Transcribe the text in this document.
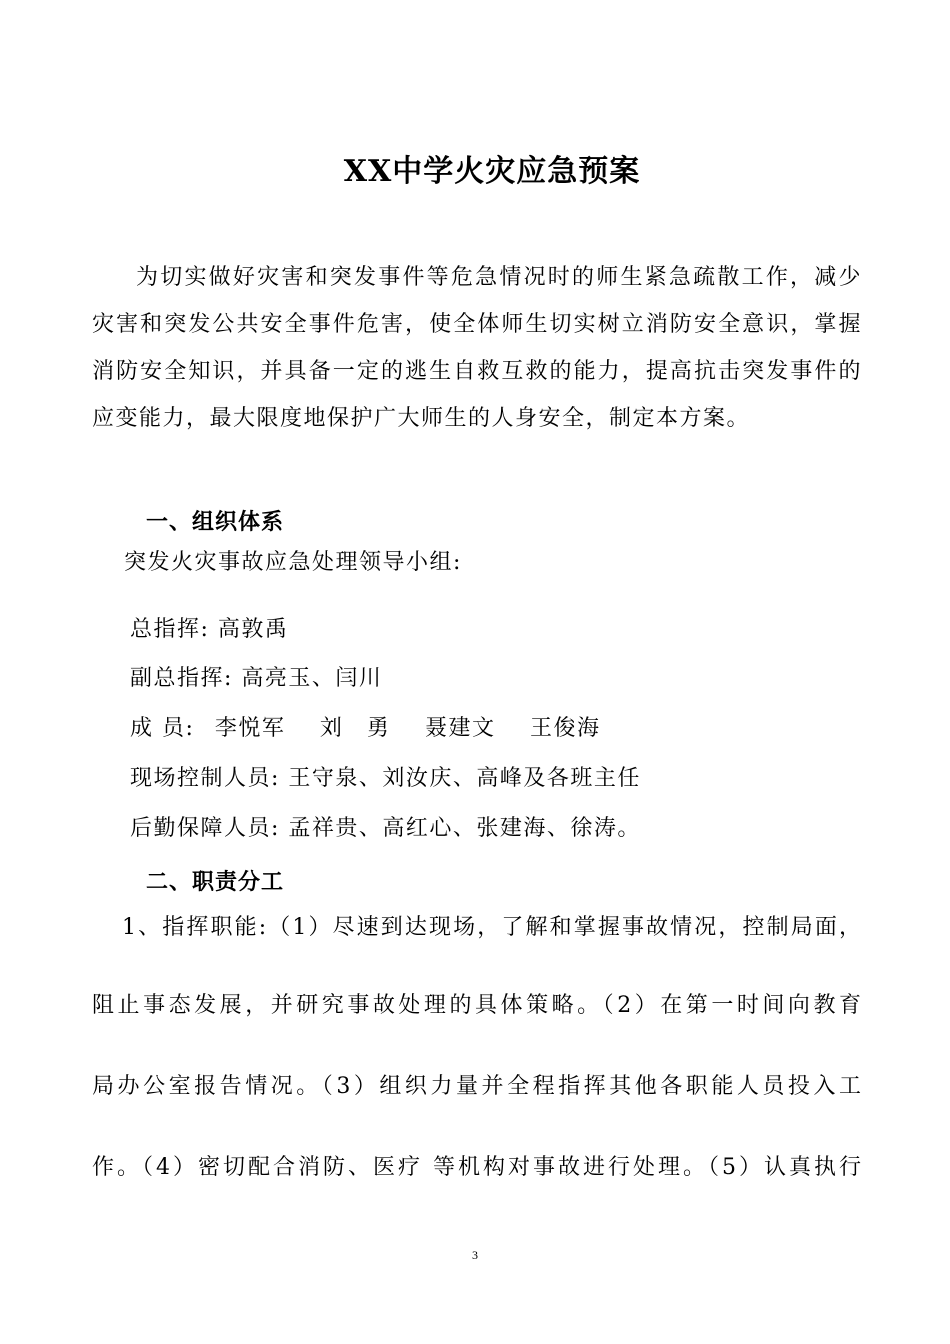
XX中学火灾应急预案

为切实做好灾害和突发事件等危急情况时的师生紧急疏散工作，减少灾害和突发公共安全事件危害，使全体师生切实树立消防安全意识，掌握消防安全知识，并具备一定的逃生自救互救的能力，提高抗击突发事件的应变能力，最大限度地保护广大师生的人身安全，制定本方案。

一、组织体系
突发火灾事故应急处理领导小组:
总指挥: 高敦禹
副总指挥: 高亮玉、闫川
成 员: 李悦军 刘　勇 聂建文 王俊海
现场控制人员: 王守泉、刘汝庆、高峰及各班主任
后勤保障人员: 孟祥贵、高红心、张建海、徐涛。
二、职责分工
1、指挥职能:（1）尽速到达现场，了解和掌握事故情况，控制局面，
阻止事态发展，并研究事故处理的具体策略。（2）在第一时间向教育
局办公室报告情况。（3）组织力量并全程指挥其他各职能人员投入工
作。（4）密切配合消防、医疗 等机构对事故进行处理。（5）认真执行
3
